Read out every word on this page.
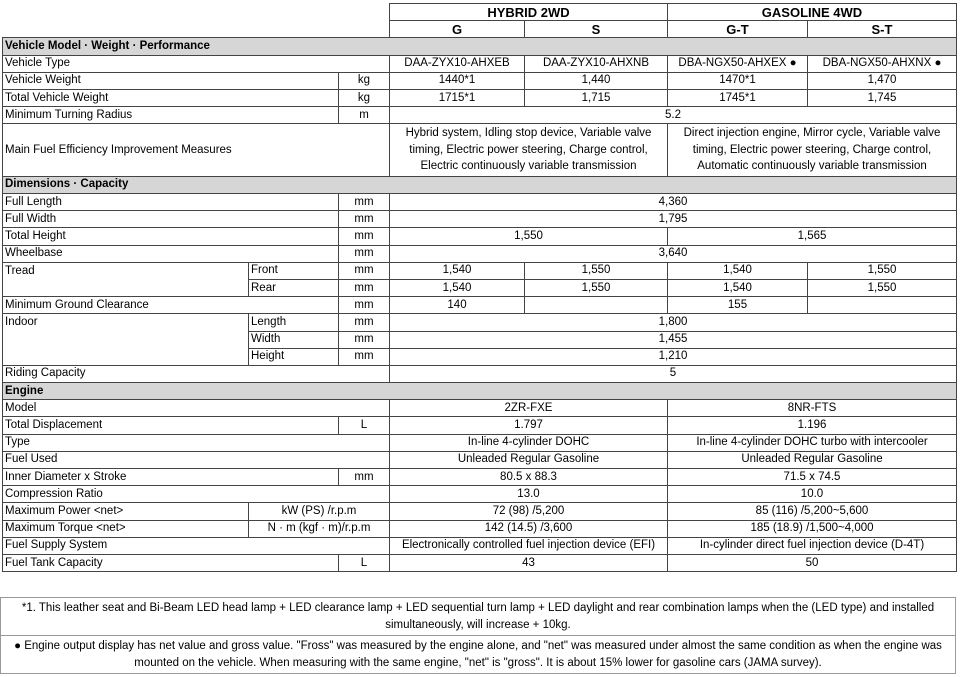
			HYBRID 2WD		GASOLINE 4WD	
			G	S	G-T	S-T
Vehicle Model · Weight · Performance						
Vehicle Type			DAA-ZYX10-AHXEB	DAA-ZYX10-AHXNB	DBA-NGX50-AHXEX ●	DBA-NGX50-AHXNX ●
Vehicle Weight		kg	1440*1	1,440	1470*1	1,470
Total Vehicle Weight		kg	1715*1	1,715	1745*1	1,745
Minimum Turning Radius		m	5.2			
Main Fuel Efficiency Improvement Measures			Hybrid system, Idling stop device, Variable valve timing, Electric power steering, Charge control, Electric continuously variable transmission		Direct injection engine, Mirror cycle, Variable valve timing, Electric power steering, Charge control, Automatic continuously variable transmission	
Dimensions · Capacity						
Full Length		mm	4,360			
Full Width		mm	1,795			
Total Height		mm	1,550		1,565	
Wheelbase		mm	3,640			
Tread	Front	mm	1,540	1,550	1,540	1,550
	Rear	mm	1,540	1,550	1,540	1,550
Minimum Ground Clearance		mm	140		155	
Indoor	Length	mm	1,800			
	Width	mm	1,455			
	Height	mm	1,210			
Riding Capacity			5			
Engine						
Model			2ZR-FXE		8NR-FTS	
Total Displacement		L	1.797		1.196	
Type			In-line 4-cylinder DOHC		In-line 4-cylinder DOHC turbo with intercooler	
Fuel Used			Unleaded Regular Gasoline		Unleaded Regular Gasoline	
Inner Diameter x Stroke		mm	80.5 x 88.3		71.5 x 74.5	
Compression Ratio			13.0		10.0	
Maximum Power <net>	kW (PS) /r.p.m		72 (98) /5,200		85 (116) /5,200~5,600	
Maximum Torque <net>	N · m (kgf · m)/r.p.m		142 (14.5) /3,600		185 (18.9) /1,500~4,000	
Fuel Supply System			Electronically controlled fuel injection device (EFI)		In-cylinder direct fuel injection device (D-4T)	
Fuel Tank Capacity		L	43		50	
*1. This leather seat and Bi-Beam LED head lamp + LED clearance lamp + LED sequential turn lamp + LED daylight and rear combination lamps when the (LED type) and installed simultaneously, will increase + 10kg.
● Engine output display has net value and gross value. "Fross" was measured by the engine alone, and "net" was measured under almost the same condition as when the engine was mounted on the vehicle. When measuring with the same engine, "net" is "gross". It is about 15% lower for gasoline cars (JAMA survey).
